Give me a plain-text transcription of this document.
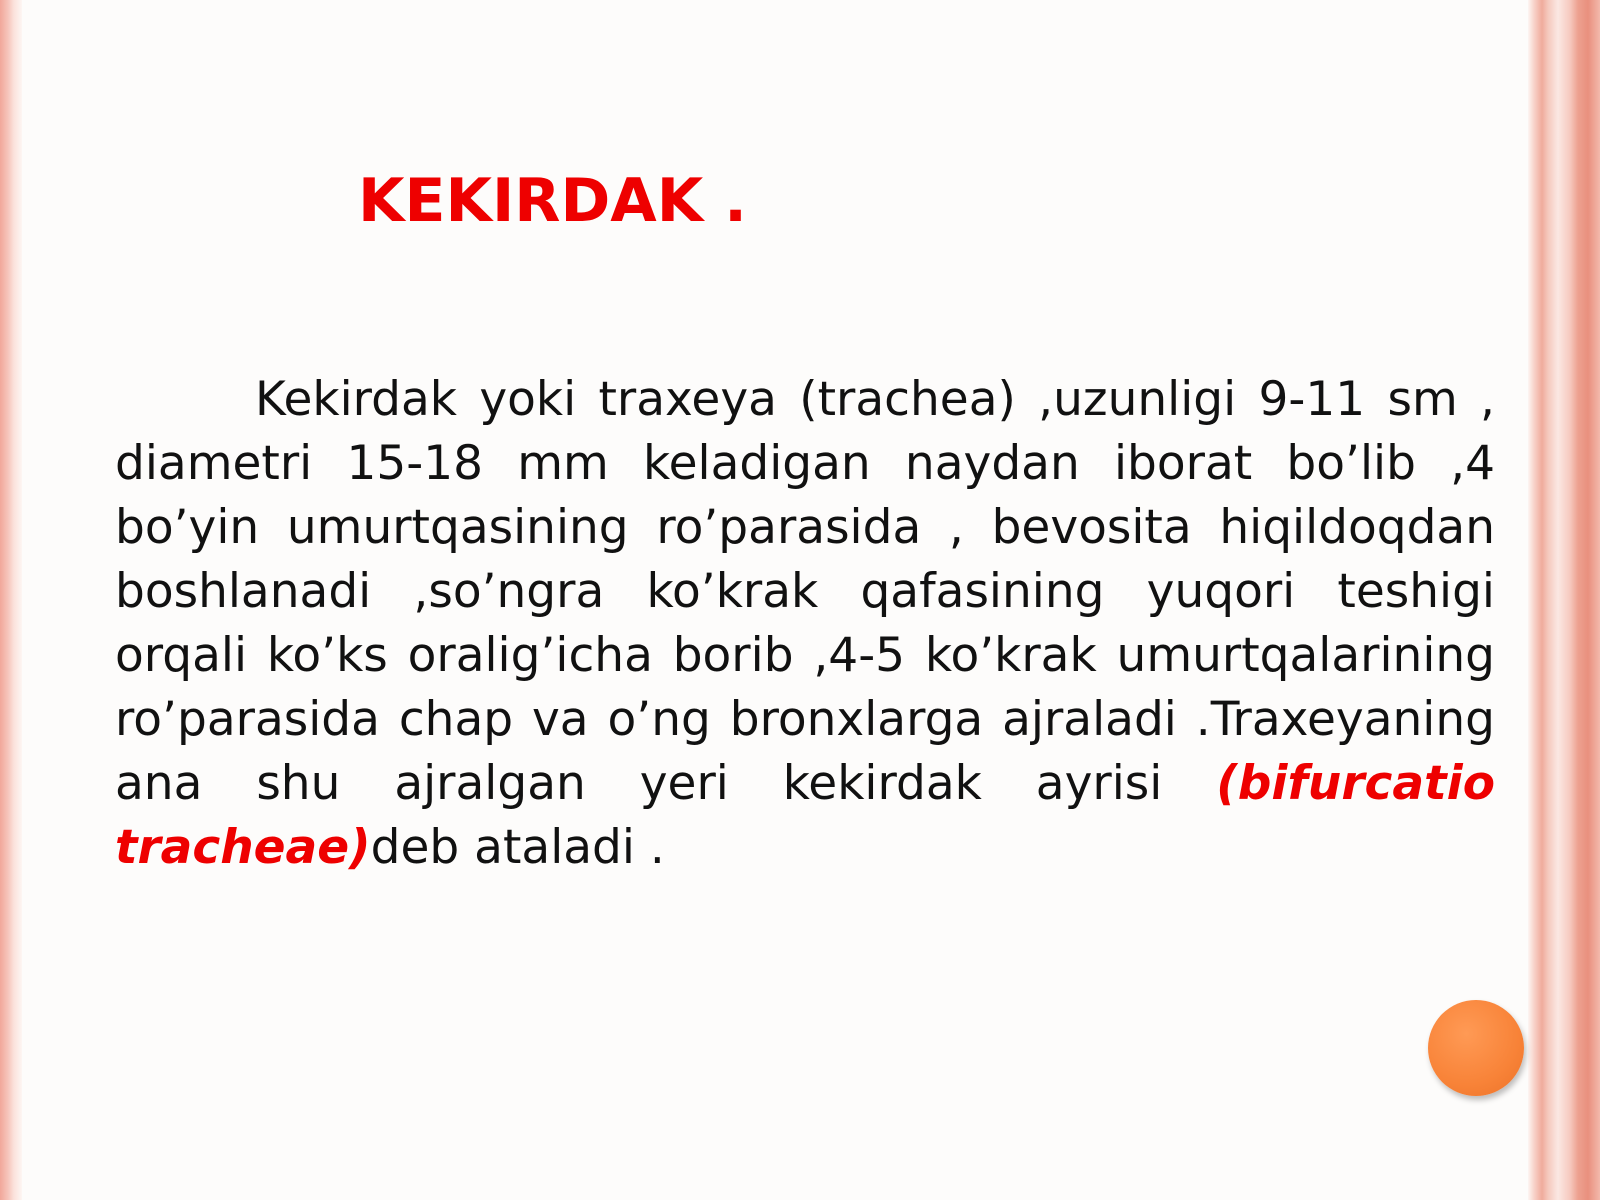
KEKIRDAK .

Kekirdak yoki traxeya (trachea) ,uzunligi 9-11 sm , diametri 15-18 mm keladigan naydan iborat bo’lib ,4 bo’yin umurtqasining ro’parasida , bevosita hiqildoqdan boshlanadi ,so’ngra ko’krak qafasining yuqori teshigi orqali ko’ks oralig’icha borib ,4-5 ko’krak umurtqalarining ro’parasida chap va o’ng bronxlarga ajraladi .Traxeyaning ana shu ajralgan yeri kekirdak ayrisi (bifurcatio tracheae)deb ataladi .
